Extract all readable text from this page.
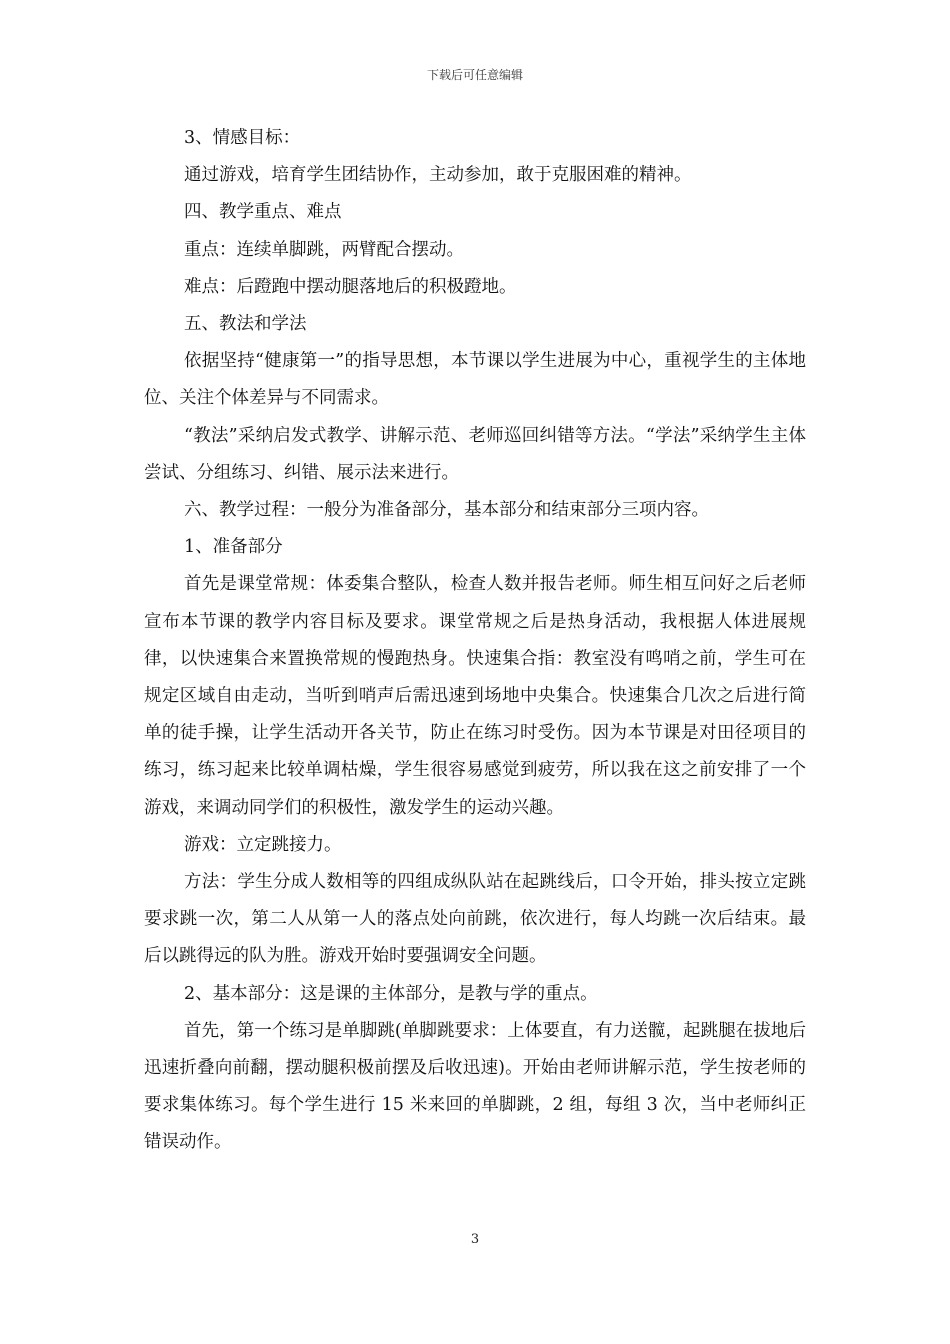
下载后可任意编辑

3、情感目标：

通过游戏，培育学生团结协作，主动参加，敢于克服困难的精神。

四、教学重点、难点

重点：连续单脚跳，两臂配合摆动。

难点：后蹬跑中摆动腿落地后的积极蹬地。

五、教法和学法

依据坚持“健康第一”的指导思想，本节课以学生进展为中心，重视学生的主体地位、关注个体差异与不同需求。

“教法”采纳启发式教学、讲解示范、老师巡回纠错等方法。“学法”采纳学生主体尝试、分组练习、纠错、展示法来进行。

六、教学过程：一般分为准备部分，基本部分和结束部分三项内容。

1、准备部分

首先是课堂常规：体委集合整队，检查人数并报告老师。师生相互问好之后老师宣布本节课的教学内容目标及要求。课堂常规之后是热身活动，我根据人体进展规律，以快速集合来置换常规的慢跑热身。快速集合指：教室没有鸣哨之前，学生可在规定区域自由走动，当听到哨声后需迅速到场地中央集合。快速集合几次之后进行简单的徒手操，让学生活动开各关节，防止在练习时受伤。因为本节课是对田径项目的练习，练习起来比较单调枯燥，学生很容易感觉到疲劳，所以我在这之前安排了一个游戏，来调动同学们的积极性，激发学生的运动兴趣。

游戏：立定跳接力。

方法：学生分成人数相等的四组成纵队站在起跳线后，口令开始，排头按立定跳要求跳一次，第二人从第一人的落点处向前跳，依次进行，每人均跳一次后结束。最后以跳得远的队为胜。游戏开始时要强调安全问题。

2、基本部分：这是课的主体部分，是教与学的重点。

首先，第一个练习是单脚跳(单脚跳要求：上体要直，有力送髋，起跳腿在拔地后迅速折叠向前翻，摆动腿积极前摆及后收迅速)。开始由老师讲解示范，学生按老师的要求集体练习。每个学生进行 15 米来回的单脚跳，2 组，每组 3 次，当中老师纠正错误动作。

3
